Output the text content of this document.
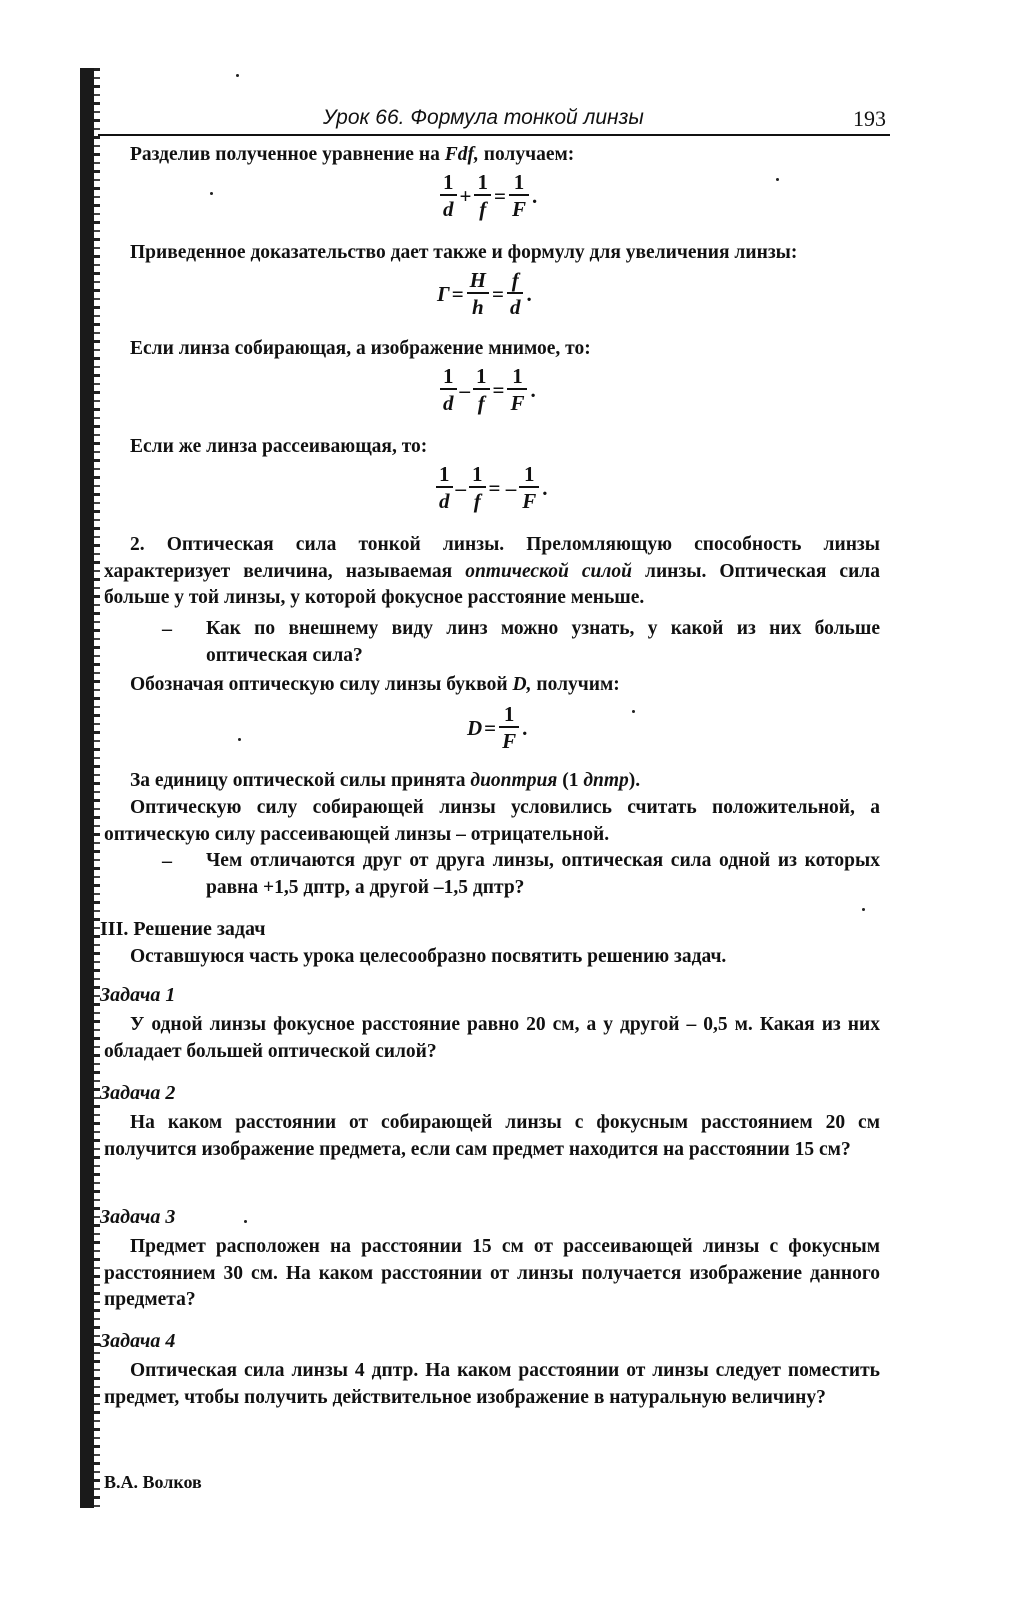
Урок 66. Формула тонкой линзы	193
Разделив полученное уравнение на Fdf, получаем:
$\frac{1}{d} + \frac{1}{f} = \frac{1}{F}$ .
Приведенное доказательство дает также и формулу для увеличения линзы:
$Г= \frac{H}{h} = \frac{f}{d}$ .
Если линза собирающая, а изображение мнимое, то:
$\frac{1}{d} - \frac{1}{f} = \frac{1}{F}$ .
Если же линза рассеивающая, то:
$\frac{1}{d} - \frac{1}{f}$ = – $\frac{1}{F}$ .
2. Оптическая сила тонкой линзы. Преломляющую способность линзы характеризует величина, называемая оптической силой линзы. Оптическая сила больше у той линзы, у которой фокусное расстояние меньше.
– Как по внешнему виду линз можно узнать, у какой из них больше оптическая сила?
Обозначая оптическую силу линзы буквой D, получим:
$D= \frac{1}{F}$ .
За единицу оптической силы принята диоптрия (1 дптр).
Оптическую силу собирающей линзы условились считать положительной, а оптическую силу рассеивающей линзы – отрицательной.
– Чем отличаются друг от друга линзы, оптическая сила одной из которых равна +1,5 дптр, а другой –1,5 дптр?
III. Решение задач
Оставшуюся часть урока целесообразно посвятить решению задач.
Задача 1
У одной линзы фокусное расстояние равно 20 см, а у другой – 0,5 м. Какая из них обладает большей оптической силой?
Задача 2
На каком расстоянии от собирающей линзы с фокусным расстоянием 20 см получится изображение предмета, если сам предмет находится на расстоянии 15 см?
Задача 3
Предмет расположен на расстоянии 15 см от рассеивающей линзы с фокусным расстоянием 30 см. На каком расстоянии от линзы получается изображение данного предмета?
Задача 4
Оптическая сила линзы 4 дптр. На каком расстоянии от линзы следует поместить предмет, чтобы получить действительное изображение в натуральную величину?
В.А. Волков
